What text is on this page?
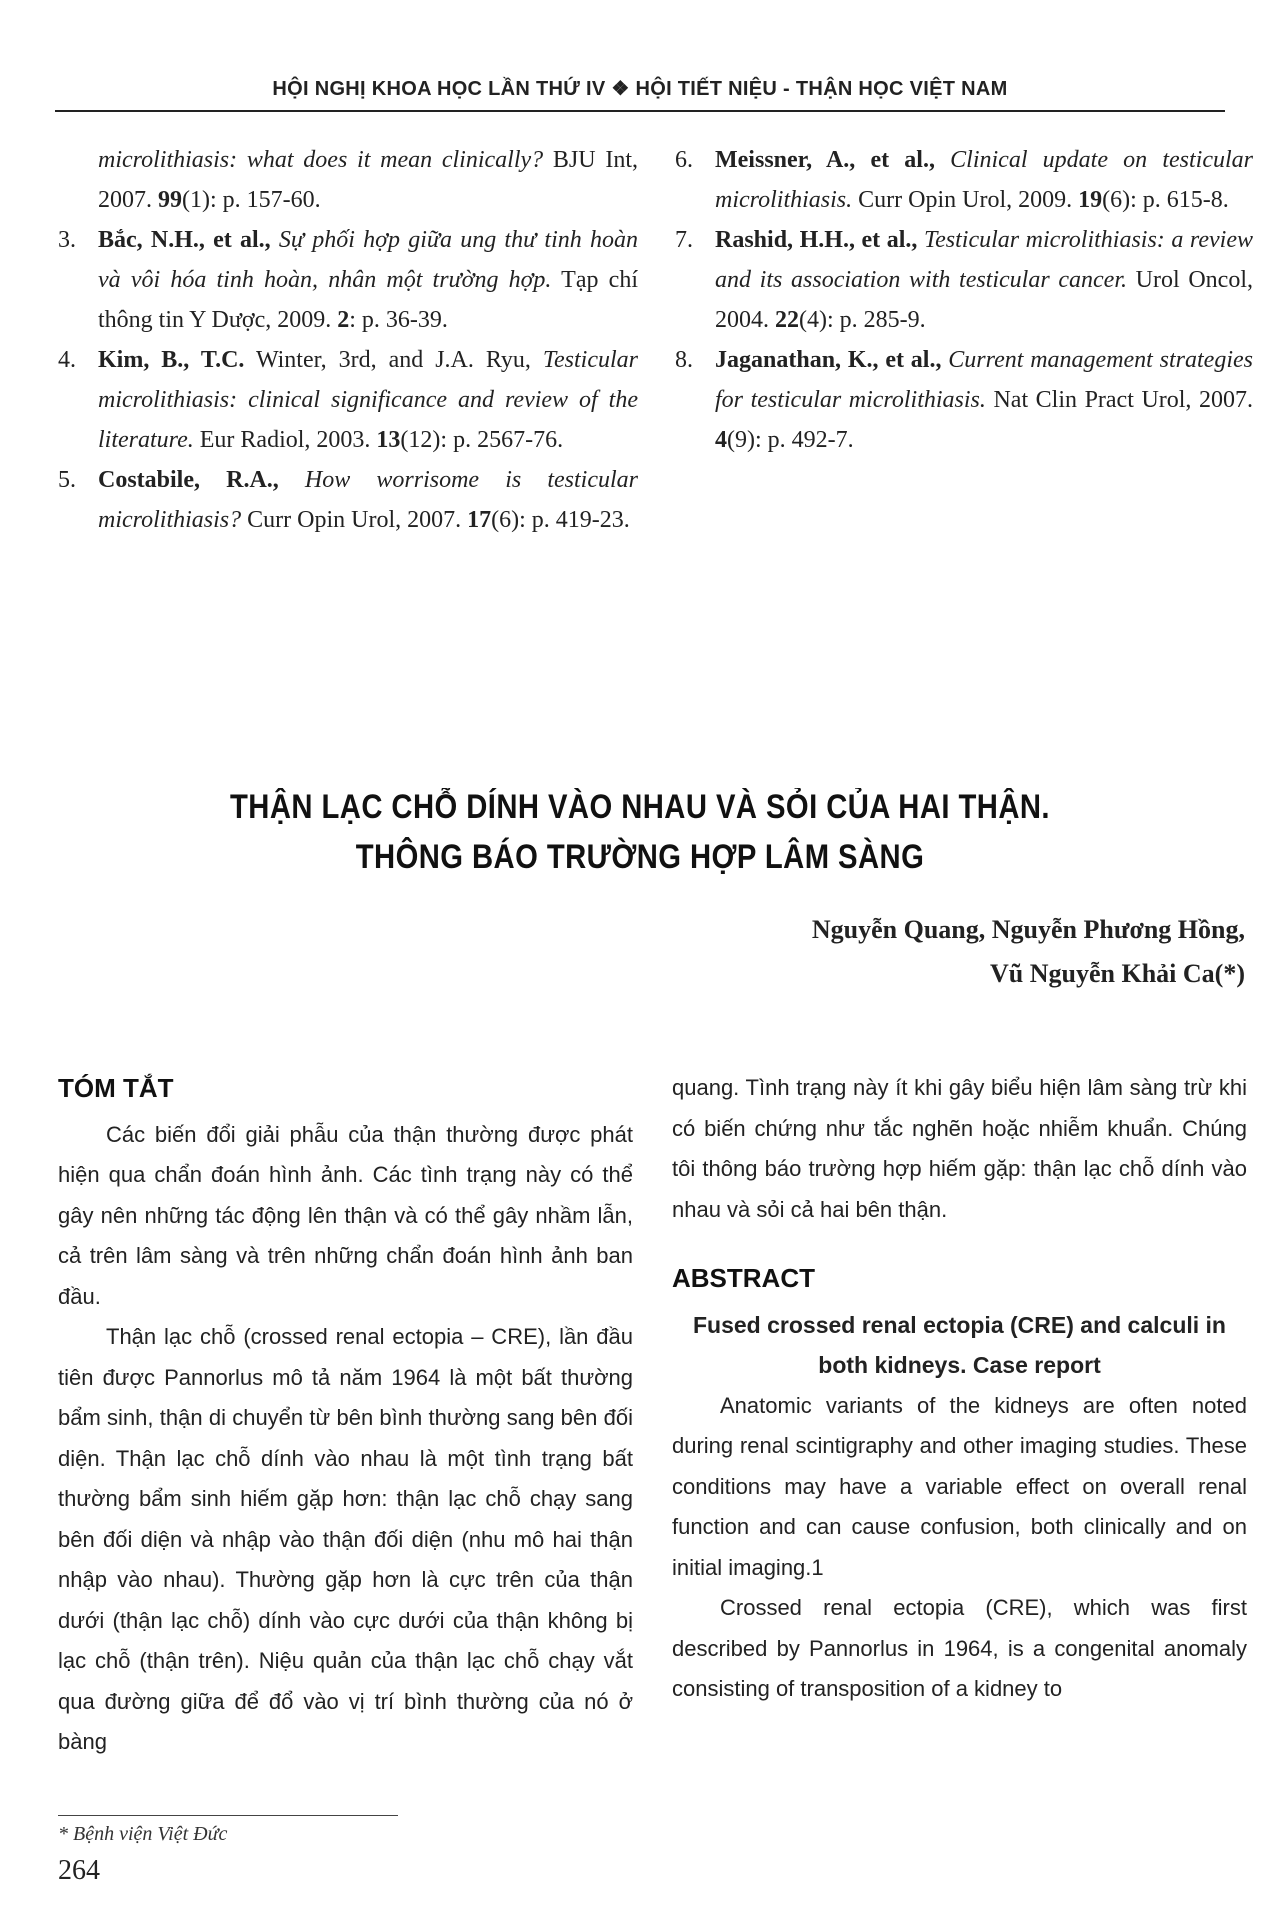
HỘI NGHỊ KHOA HỌC LẦN THỨ IV ❖ HỘI TIẾT NIỆU - THẬN HỌC VIỆT NAM

microlithiasis: what does it mean clinically? BJU Int, 2007. 99(1): p. 157-60.

3. Bắc, N.H., et al., Sự phối hợp giữa ung thư tinh hoàn và vôi hóa tinh hoàn, nhân một trường hợp. Tạp chí thông tin Y Dược, 2009. 2: p. 36-39.

4. Kim, B., T.C. Winter, 3rd, and J.A. Ryu, Testicular microlithiasis: clinical significance and review of the literature. Eur Radiol, 2003. 13(12): p. 2567-76.

5. Costabile, R.A., How worrisome is testicular microlithiasis? Curr Opin Urol, 2007. 17(6): p. 419-23.

6. Meissner, A., et al., Clinical update on testicular microlithiasis. Curr Opin Urol, 2009. 19(6): p. 615-8.

7. Rashid, H.H., et al., Testicular microlithiasis: a review and its association with testicular cancer. Urol Oncol, 2004. 22(4): p. 285-9.

8. Jaganathan, K., et al., Current management strategies for testicular microlithiasis. Nat Clin Pract Urol, 2007. 4(9): p. 492-7.

THẬN LẠC CHỖ DÍNH VÀO NHAU VÀ SỎI CỦA HAI THẬN.
THÔNG BÁO TRƯỜNG HỢP LÂM SÀNG
Nguyễn Quang, Nguyễn Phương Hồng,
Vũ Nguyễn Khải Ca(*)
TÓM TẮT

Các biến đổi giải phẫu của thận thường được phát hiện qua chẩn đoán hình ảnh. Các tình trạng này có thể gây nên những tác động lên thận và có thể gây nhầm lẫn, cả trên lâm sàng và trên những chẩn đoán hình ảnh ban đầu.

Thận lạc chỗ (crossed renal ectopia – CRE), lần đầu tiên được Pannorlus mô tả năm 1964 là một bất thường bẩm sinh, thận di chuyển từ bên bình thường sang bên đối diện. Thận lạc chỗ dính vào nhau là một tình trạng bất thường bẩm sinh hiếm gặp hơn: thận lạc chỗ chạy sang bên đối diện và nhập vào thận đối diện (nhu mô hai thận nhập vào nhau). Thường gặp hơn là cực trên của thận dưới (thận lạc chỗ) dính vào cực dưới của thận không bị lạc chỗ (thận trên). Niệu quản của thận lạc chỗ chạy vắt qua đường giữa để đổ vào vị trí bình thường của nó ở bàng

quang. Tình trạng này ít khi gây biểu hiện lâm sàng trừ khi có biến chứng như tắc nghẽn hoặc nhiễm khuẩn. Chúng tôi thông báo trường hợp hiếm gặp: thận lạc chỗ dính vào nhau và sỏi cả hai bên thận.

ABSTRACT

Fused crossed renal ectopia (CRE) and calculi in both kidneys. Case report

Anatomic variants of the kidneys are often noted during renal scintigraphy and other imaging studies. These conditions may have a variable effect on overall renal function and can cause confusion, both clinically and on initial imaging.1

Crossed renal ectopia (CRE), which was first described by Pannorlus in 1964, is a congenital anomaly consisting of transposition of a kidney to

* Bệnh viện Việt Đức
264
